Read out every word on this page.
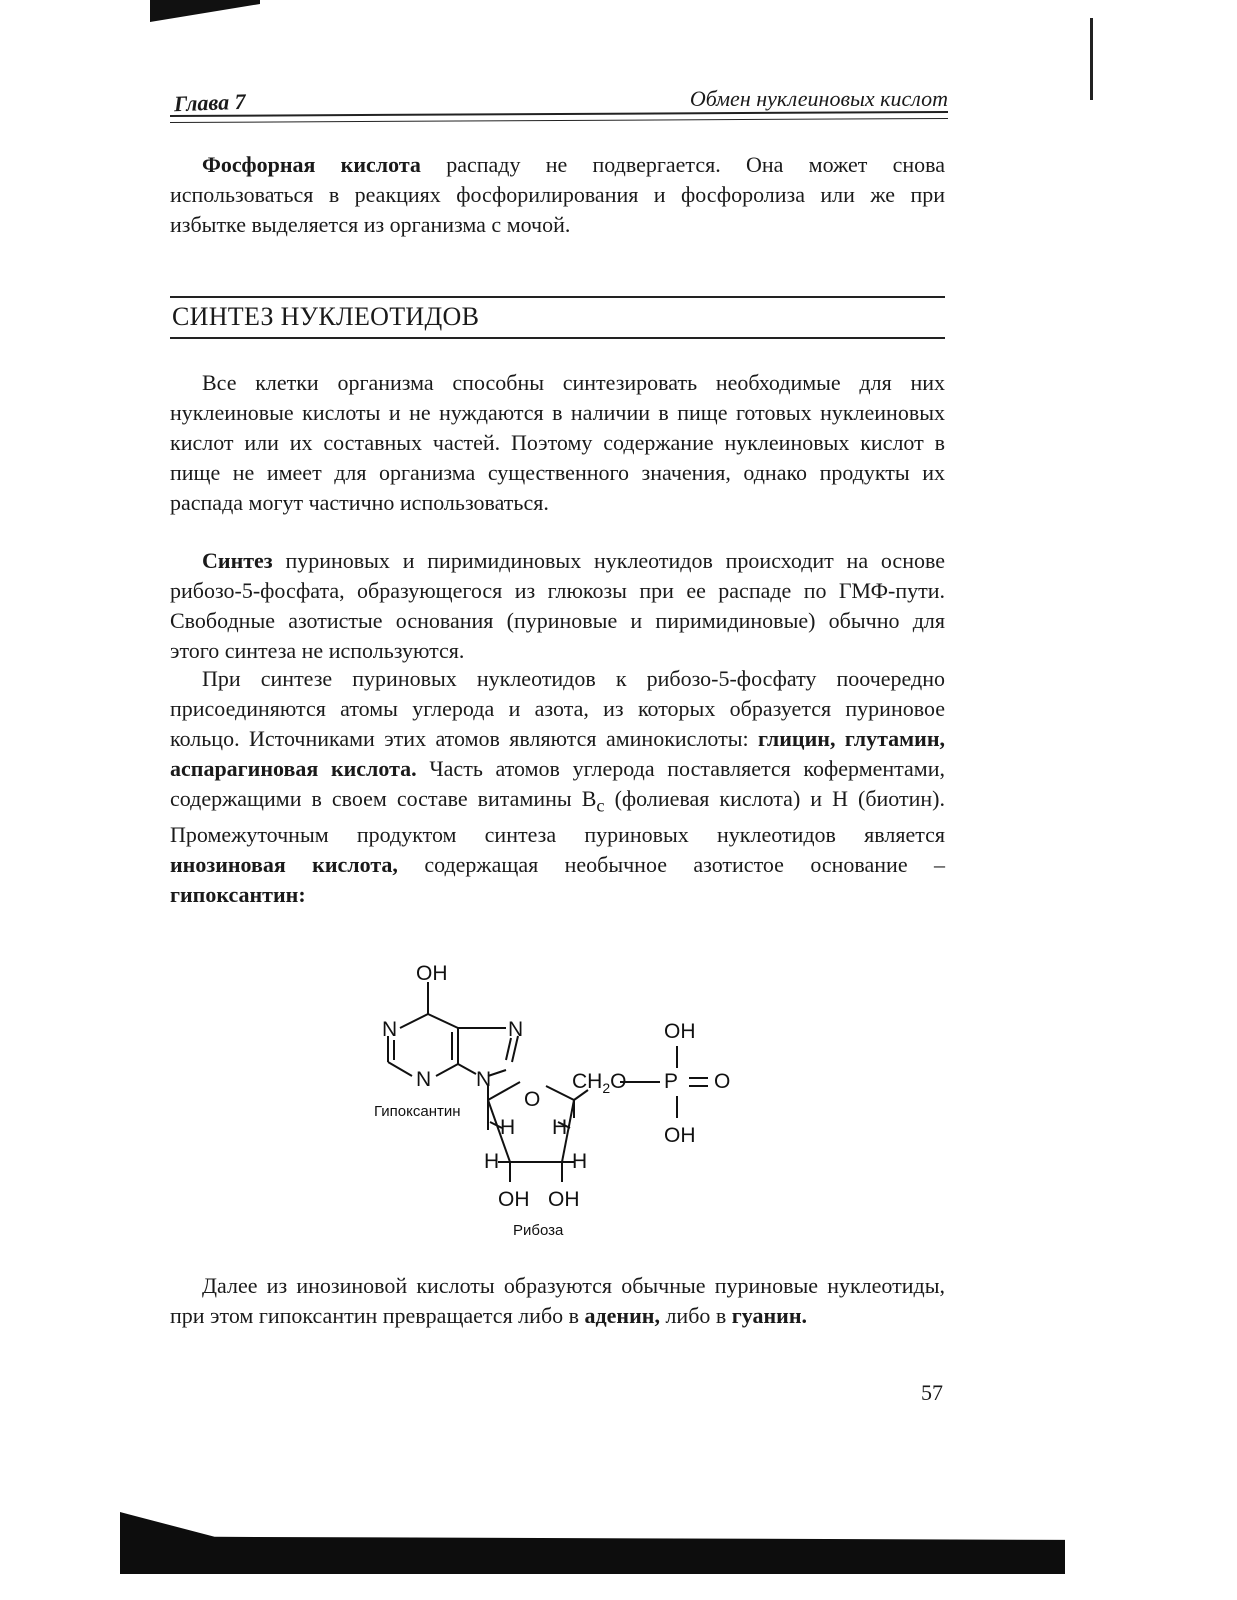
Глава 7	Обмен нуклеиновых кислот

Фосфорная кислота распаду не подвергается. Она может снова использоваться в реакциях фосфорилирования и фосфоролиза или же при избытке выделяется из организма с мочой.

СИНТЕЗ НУКЛЕОТИДОВ

Все клетки организма способны синтезировать необходимые для них нуклеиновые кислоты и не нуждаются в наличии в пище готовых нуклеиновых кислот или их составных частей. Поэтому содержание нуклеиновых кислот в пище не имеет для организма существенного значения, однако продукты их распада могут частично использоваться.

Синтез пуриновых и пиримидиновых нуклеотидов происходит на основе рибозо-5-фосфата, образующегося из глюкозы при ее распаде по ГМФ-пути. Свободные азотистые основания (пуриновые и пиримидиновые) обычно для этого синтеза не используются.

При синтезе пуриновых нуклеотидов к рибозо-5-фосфату поочередно присоединяются атомы углерода и азота, из которых образуется пуриновое кольцо. Источниками этих атомов являются аминокислоты: глицин, глутамин, аспарагиновая кислота. Часть атомов углерода поставляется коферментами, содержащими в своем составе витамины $B_c$ (фолиевая кислота) и H (биотин). Промежуточным продуктом синтеза пуриновых нуклеотидов является инозиновая кислота, содержащая необычное азотистое основание – гипоксантин:

OH
N	N
N N
O
Гипоксантин
H H
H	H
OH OH
Рибоза
$CH_2O$ P O
OH
OH

Далее из инозиновой кислоты образуются обычные пуриновые нуклеотиды, при этом гипоксантин превращается либо в аденин, либо в гуанин.

57
